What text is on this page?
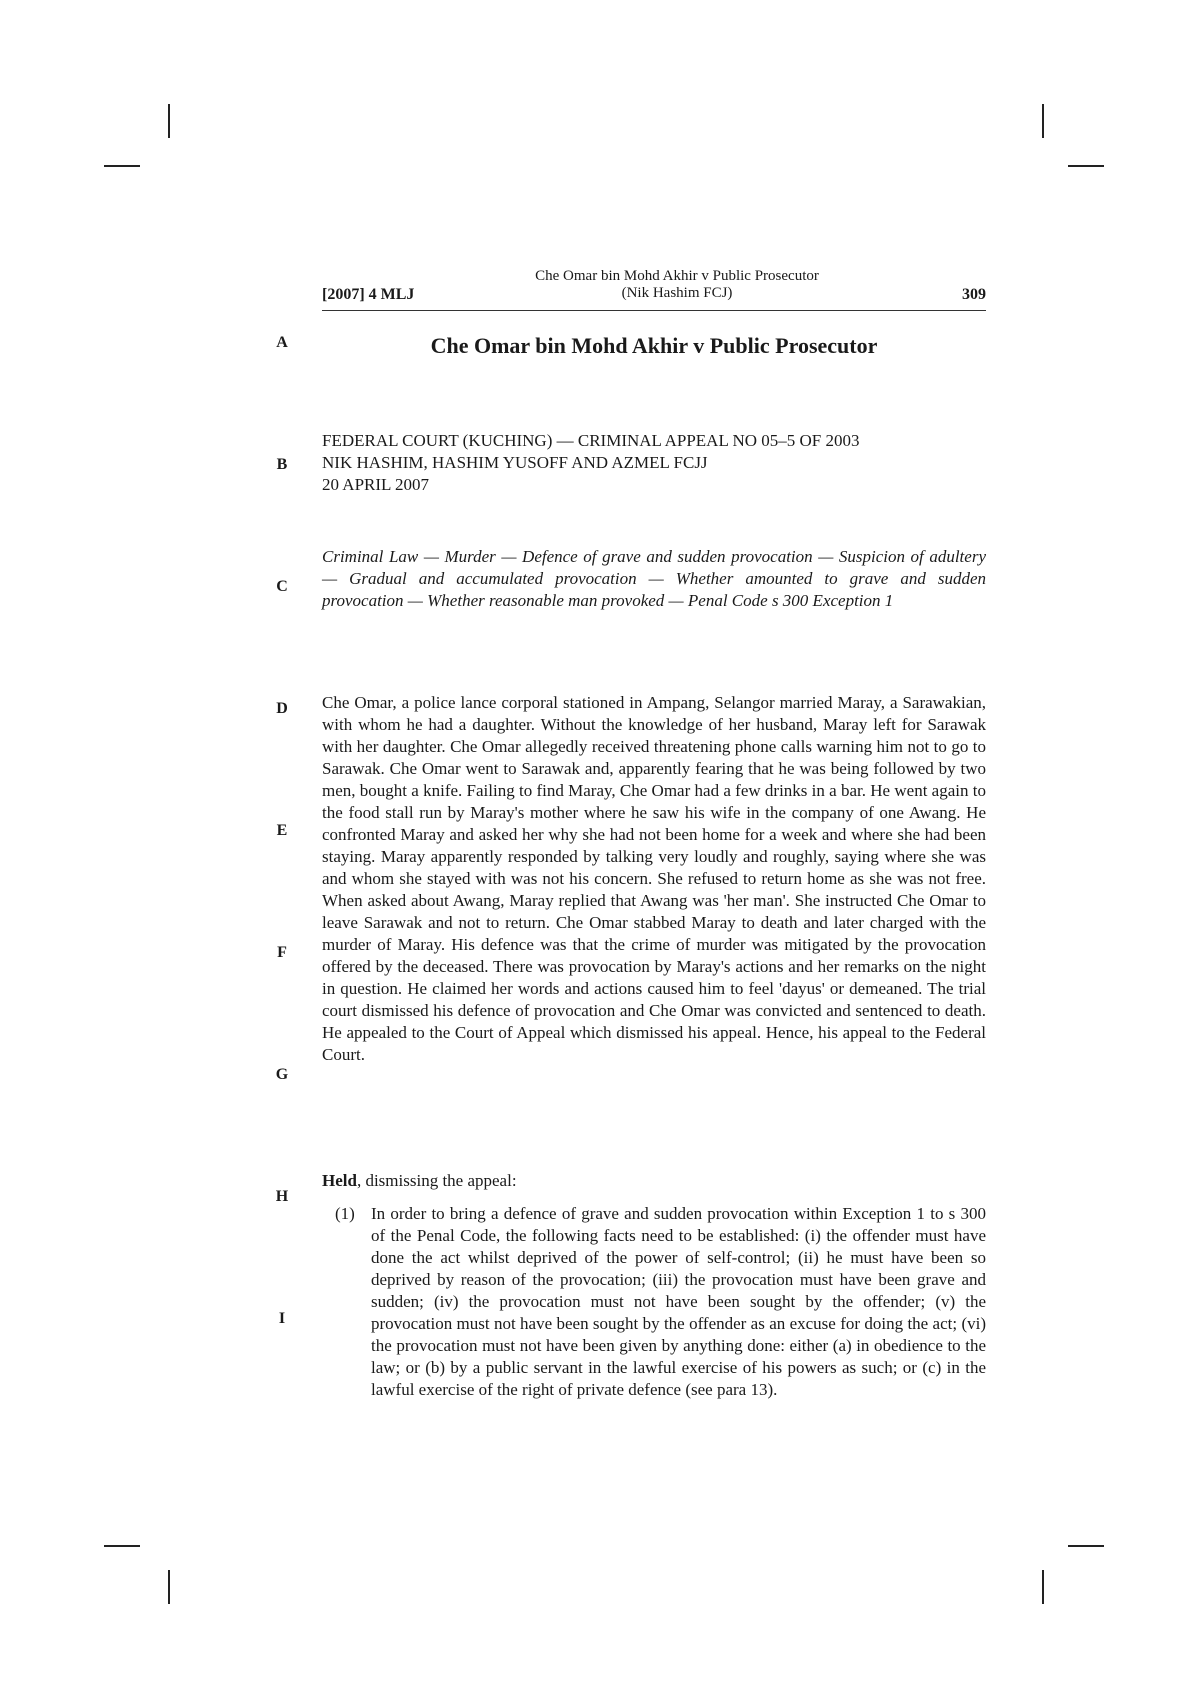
[2007] 4 MLJ
Che Omar bin Mohd Akhir v Public Prosecutor
(Nik Hashim FCJ)	309
A
B
C
D
E
F
G
H
I
Che Omar bin Mohd Akhir v Public Prosecutor
FEDERAL COURT (KUCHING) — CRIMINAL APPEAL NO 05–5 OF 2003
NIK HASHIM, HASHIM YUSOFF AND AZMEL FCJJ
20 APRIL 2007
Criminal Law — Murder — Defence of grave and sudden provocation — Suspicion of adultery — Gradual and accumulated provocation — Whether amounted to grave and sudden provocation — Whether reasonable man provoked — Penal Code s 300 Exception 1
Che Omar, a police lance corporal stationed in Ampang, Selangor married Maray, a Sarawakian, with whom he had a daughter. Without the knowledge of her husband, Maray left for Sarawak with her daughter. Che Omar allegedly received threatening phone calls warning him not to go to Sarawak. Che Omar went to Sarawak and, apparently fearing that he was being followed by two men, bought a knife. Failing to find Maray, Che Omar had a few drinks in a bar. He went again to the food stall run by Maray's mother where he saw his wife in the company of one Awang. He confronted Maray and asked her why she had not been home for a week and where she had been staying. Maray apparently responded by talking very loudly and roughly, saying where she was and whom she stayed with was not his concern. She refused to return home as she was not free. When asked about Awang, Maray replied that Awang was 'her man'. She instructed Che Omar to leave Sarawak and not to return. Che Omar stabbed Maray to death and later charged with the murder of Maray. His defence was that the crime of murder was mitigated by the provocation offered by the deceased. There was provocation by Maray's actions and her remarks on the night in question. He claimed her words and actions caused him to feel 'dayus' or demeaned. The trial court dismissed his defence of provocation and Che Omar was convicted and sentenced to death. He appealed to the Court of Appeal which dismissed his appeal. Hence, his appeal to the Federal Court.
Held, dismissing the appeal:
(1) In order to bring a defence of grave and sudden provocation within Exception 1 to s 300 of the Penal Code, the following facts need to be established: (i) the offender must have done the act whilst deprived of the power of self-control; (ii) he must have been so deprived by reason of the provocation; (iii) the provocation must have been grave and sudden; (iv) the provocation must not have been sought by the offender; (v) the provocation must not have been sought by the offender as an excuse for doing the act; (vi) the provocation must not have been given by anything done: either (a) in obedience to the law; or (b) by a public servant in the lawful exercise of his powers as such; or (c) in the lawful exercise of the right of private defence (see para 13).
